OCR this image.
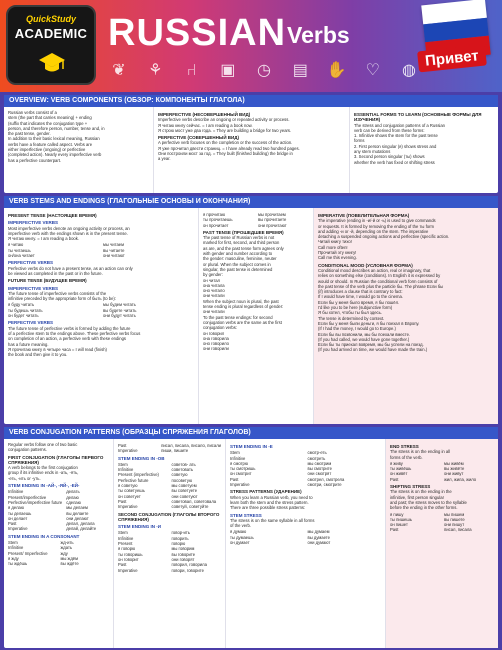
QuickStudy
ACADEMIC RUSSIAN Verbs
Привет
❦ ⚘	⑁	▣ ◷ ▤ ✋ ♡ ◍
OVERVIEW: VERB COMPONENTS (ОБЗОР: КОМПОНЕНТЫ ГЛАГОЛА)
Russian verbs consist of a
stem (the part that carries meaning) + ending
(suffix that indicates the conjugation type +
person, and therefore person, number, tense and, in
the past tense, gender.
In addition to their basic lexical meaning, Russian
verbs have a feature called aspect. Verbs are
either imperfective (ongoing) or perfective
(completed action). Nearly every imperfective verb
has a perfective counterpart.
IMPERFECTIVE (НЕСОВЕРШЕННЫЙ ВИД)
Imperfective verbs describe an ongoing or repeated activity or process.
Я читаю книгу сейчас. = I am reading a book now.
Я строю мост уже два года. = They are building a bridge for two years.
PERFECTIVE (СОВЕРШЕННЫЙ ВИД)
A perfective verb focuses on the completion or the success of the action.
Я уже прочитал двести страниц. = I have already read two hundred pages.
Они построили мост за год. = They built (finished building) the bridge in
a year.
ESSENTIAL FORMS TO LEARN (ОСНОВНЫЕ ФОРМЫ ДЛЯ ИЗУЧЕНИЯ)
The stress and conjugation patterns of a Russian
verb can be derived from these forms:
1. Infinitive shows the stem for the past tense
forms
2. First person singular (я) shows stress and
any stem mutations
3. Second person singular (ты) shows
whether the verb has fixed or shifting stress
VERB STEMS AND ENDINGS (ГЛАГОЛЬНЫЕ ОСНОВЫ И ОКОНЧАНИЯ)
PRESENT TENSE (НАСТОЯЩЕЕ ВРЕМЯ)
IMPERFECTIVE VERBS
Most imperfective verbs denote an ongoing activity or process, an
imperfective verb with the endings shown is in the present tense.
Я читаю книгу. = I am reading a book.
я читаю	мы читаем
ты читаешь	вы читаете
он/она читает	они читают
PERFECTIVE VERBS
Perfective verbs do not have a present tense, as an action can only
be viewed as completed in the past or in the future.
FUTURE TENSE (БУДУЩЕЕ ВРЕМЯ)
IMPERFECTIVE VERBS
The future tense of imperfective verbs consists of the
infinitive preceded by the appropriate form of быть (to be):
я буду читать	мы будем читать
ты будешь читать	вы будете читать
он будет читать	они будут читать
PERFECTIVE VERBS
The future tense of perfective verbs is formed by adding the future
of a perfective stem to the endings above. These perfective verbs focus
on completion of an action, a perfective verb with these endings
has a future meaning.
Я прочитаю книгу в четыре часа = I will read (finish)
the book and then give it to you.
я прочитаю	мы прочитаем
ты прочитаешь	вы прочитаете
он прочитает	они прочитают
PAST TENSE (ПРОШЕДШЕЕ ВРЕМЯ)
The past tense of Russian verbs is not
marked for first, second, and third person
as are, and the past tense form agrees only
with gender and number according to
the gender: masculine, feminine, neuter
or plural. When the subject comes in
singular, the past tense is determined
by gender:
он читал
она читала
оно читало
они читали
When the subject noun is plural, the past
tense ending is plural regardless of gender:
они читали
To the past tense endings: for second
conjugation verbs are the same as the first
conjugation verbs:
он говорил
она говорила
оно говорило
они говорили
IMPERATIVE (ПОВЕЛИТЕЛЬНАЯ ФОРМА)
The imperative (ending in -и/-й or -ь) is used to give commands
or requests. It is formed by removing the ending of the ты form
and adding -и or -й, depending on the stem. The imperative
detaching a suspended ongoing actions and perfective (specific action.
Читай книгу тихо!
Call more often!
Прочитай эту книгу!
Call me this evening.
CONDITIONAL MOOD (УСЛОВНАЯ ФОРМА)
Conditional mood describes an action, real or imaginary, that
relies on something else (conditions). In English it is expressed by
would or should. In Russian the conditional verb form consists of
the past tense of the verb plus the particle бы. The phrase Если бы
(if) introduces a clause that is contrary to fact:
If I would have time, I would go to the cinema.
Если бы у меня было время, я бы пошёл.
I'd like you to be here (subjunctive form)
Я бы хотел, чтобы ты был здесь.
The tense is determined by context.
Если бы у меня были деньги, я бы поехал в Европу.
(If I had the money, I would go to Europe.)
Если бы вы позвонили, мы бы поехали вместе.
(If you had called, we would have gone together.)
Если бы ты приехал вовремя, мы бы успели на поезд.
(If you had arrived on time, we would have made the train.)
VERB CONJUGATION PATTERNS (ОБРАЗЦЫ СПРЯЖЕНИЯ ГЛАГОЛОВ)
Regular verbs follow one of two basic
conjugation patterns.
FIRST CONJUGATION (ГЛАГОЛЫ ПЕРВОГО СПРЯЖЕНИЯ)
A verb belongs to the first conjugation
group if its infinitive ends in -ать, -ять,
-еть, -ить or -уть.
STEM ENDING IN -АЙ-, -ЯЙ-, -ЕЙ-
Infinitive	делать
Present/imperfective	делаю
Perfective/imperfective future сделаю
я делаю	мы делаем
ты делаешь	вы делаете
он делает	они делают
Past	делал, делала
Imperative	делай, делайте
STEM ENDING IN A CONSONANT
Stem	жд-ить
Infinitive	ждать
Present/ Imperfective	жду
я жду	мы ждём
ты ждёшь	вы ждёте
Past	писал, писала, писало, писали
Imperative	пиши, пишите
STEM ENDING IN -ОВ
Stem	советов- ать
Infinitive	советовать
Present (imperfective)	советую
Perfective future	посоветую
я советую	мы советуем
ты советуешь	вы советуете
он советует	они советуют
Past	советовал, советовала
Imperative	советуй, советуйте
SECOND CONJUGATION (ГЛАГОЛЫ ВТОРОГО СПРЯЖЕНИЯ)
STEM ENDING IN -И
Stem	говор-ить
Infinitive	говорить
Present	говорю
я говорю	мы говорим
ты говоришь	вы говорите
он говорит	они говорят
Past	говорил, говорила
Imperative	говори, говорите
STEM ENDING IN -Е
Stem	смотр-еть
Infinitive	смотреть
я смотрю	мы смотрим
ты смотришь	вы смотрите
он смотрит	они смотрят
Past	смотрел, смотрела
Imperative	смотри, смотрите
STRESS PATTERNS (УДАРЕНИЕ)
When you learn a Russian verb, you need to
learn both the stem and the stress pattern.
There are three possible stress patterns:
STEM STRESS
The stress is on the same syllable in all forms
of the verb.
я думаю	мы думаем
ты думаешь	вы думаете
он думает	они думают
END STRESS
The stress is on the ending in all
forms of the verb.
я живу	мы живём
ты живёшь	вы живёте
он живёт	они живут
Past	жил, жила, жило
SHIFTING STRESS
The stress is on the ending in the
infinitive, first person singular
and past; the stress moves to the syllable
before the ending in the other forms.
я пишу	мы пишем
ты пишешь	вы пишете
он пишет	они пишут
Past	писал, писала
